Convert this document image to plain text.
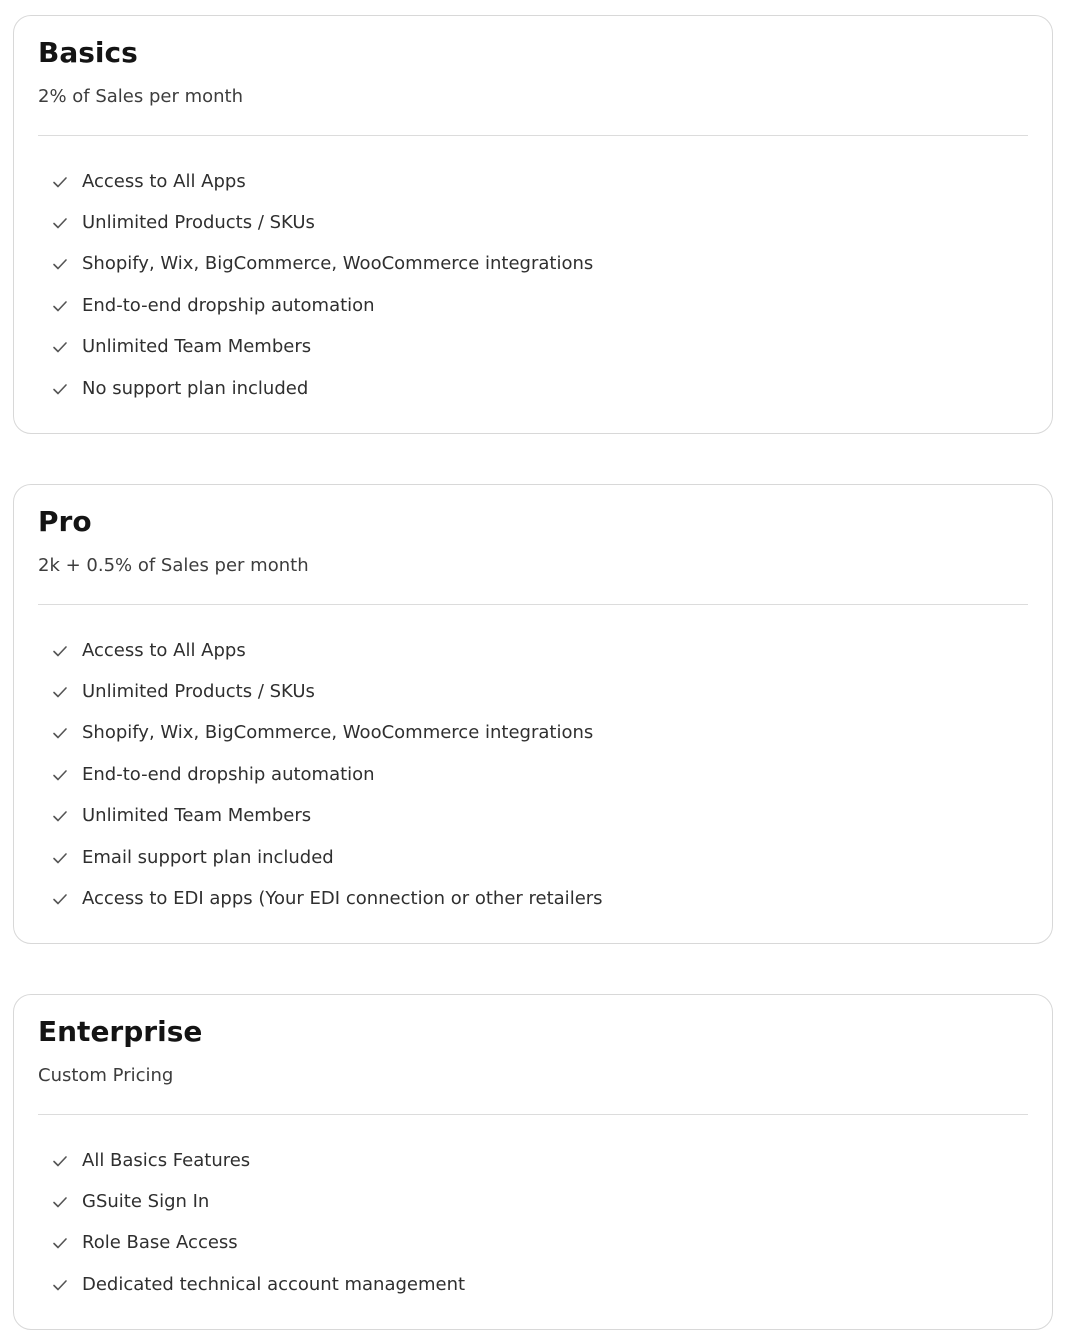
Basics

2% of Sales per month

Access to All Apps
Unlimited Products / SKUs
Shopify, Wix, BigCommerce, WooCommerce integrations
End-to-end dropship automation
Unlimited Team Members
No support plan included
Pro

2k + 0.5% of Sales per month

Access to All Apps
Unlimited Products / SKUs
Shopify, Wix, BigCommerce, WooCommerce integrations
End-to-end dropship automation
Unlimited Team Members
Email support plan included
Access to EDI apps (Your EDI connection or other retailers
Enterprise

Custom Pricing

All Basics Features
GSuite Sign In
Role Base Access
Dedicated technical account management
